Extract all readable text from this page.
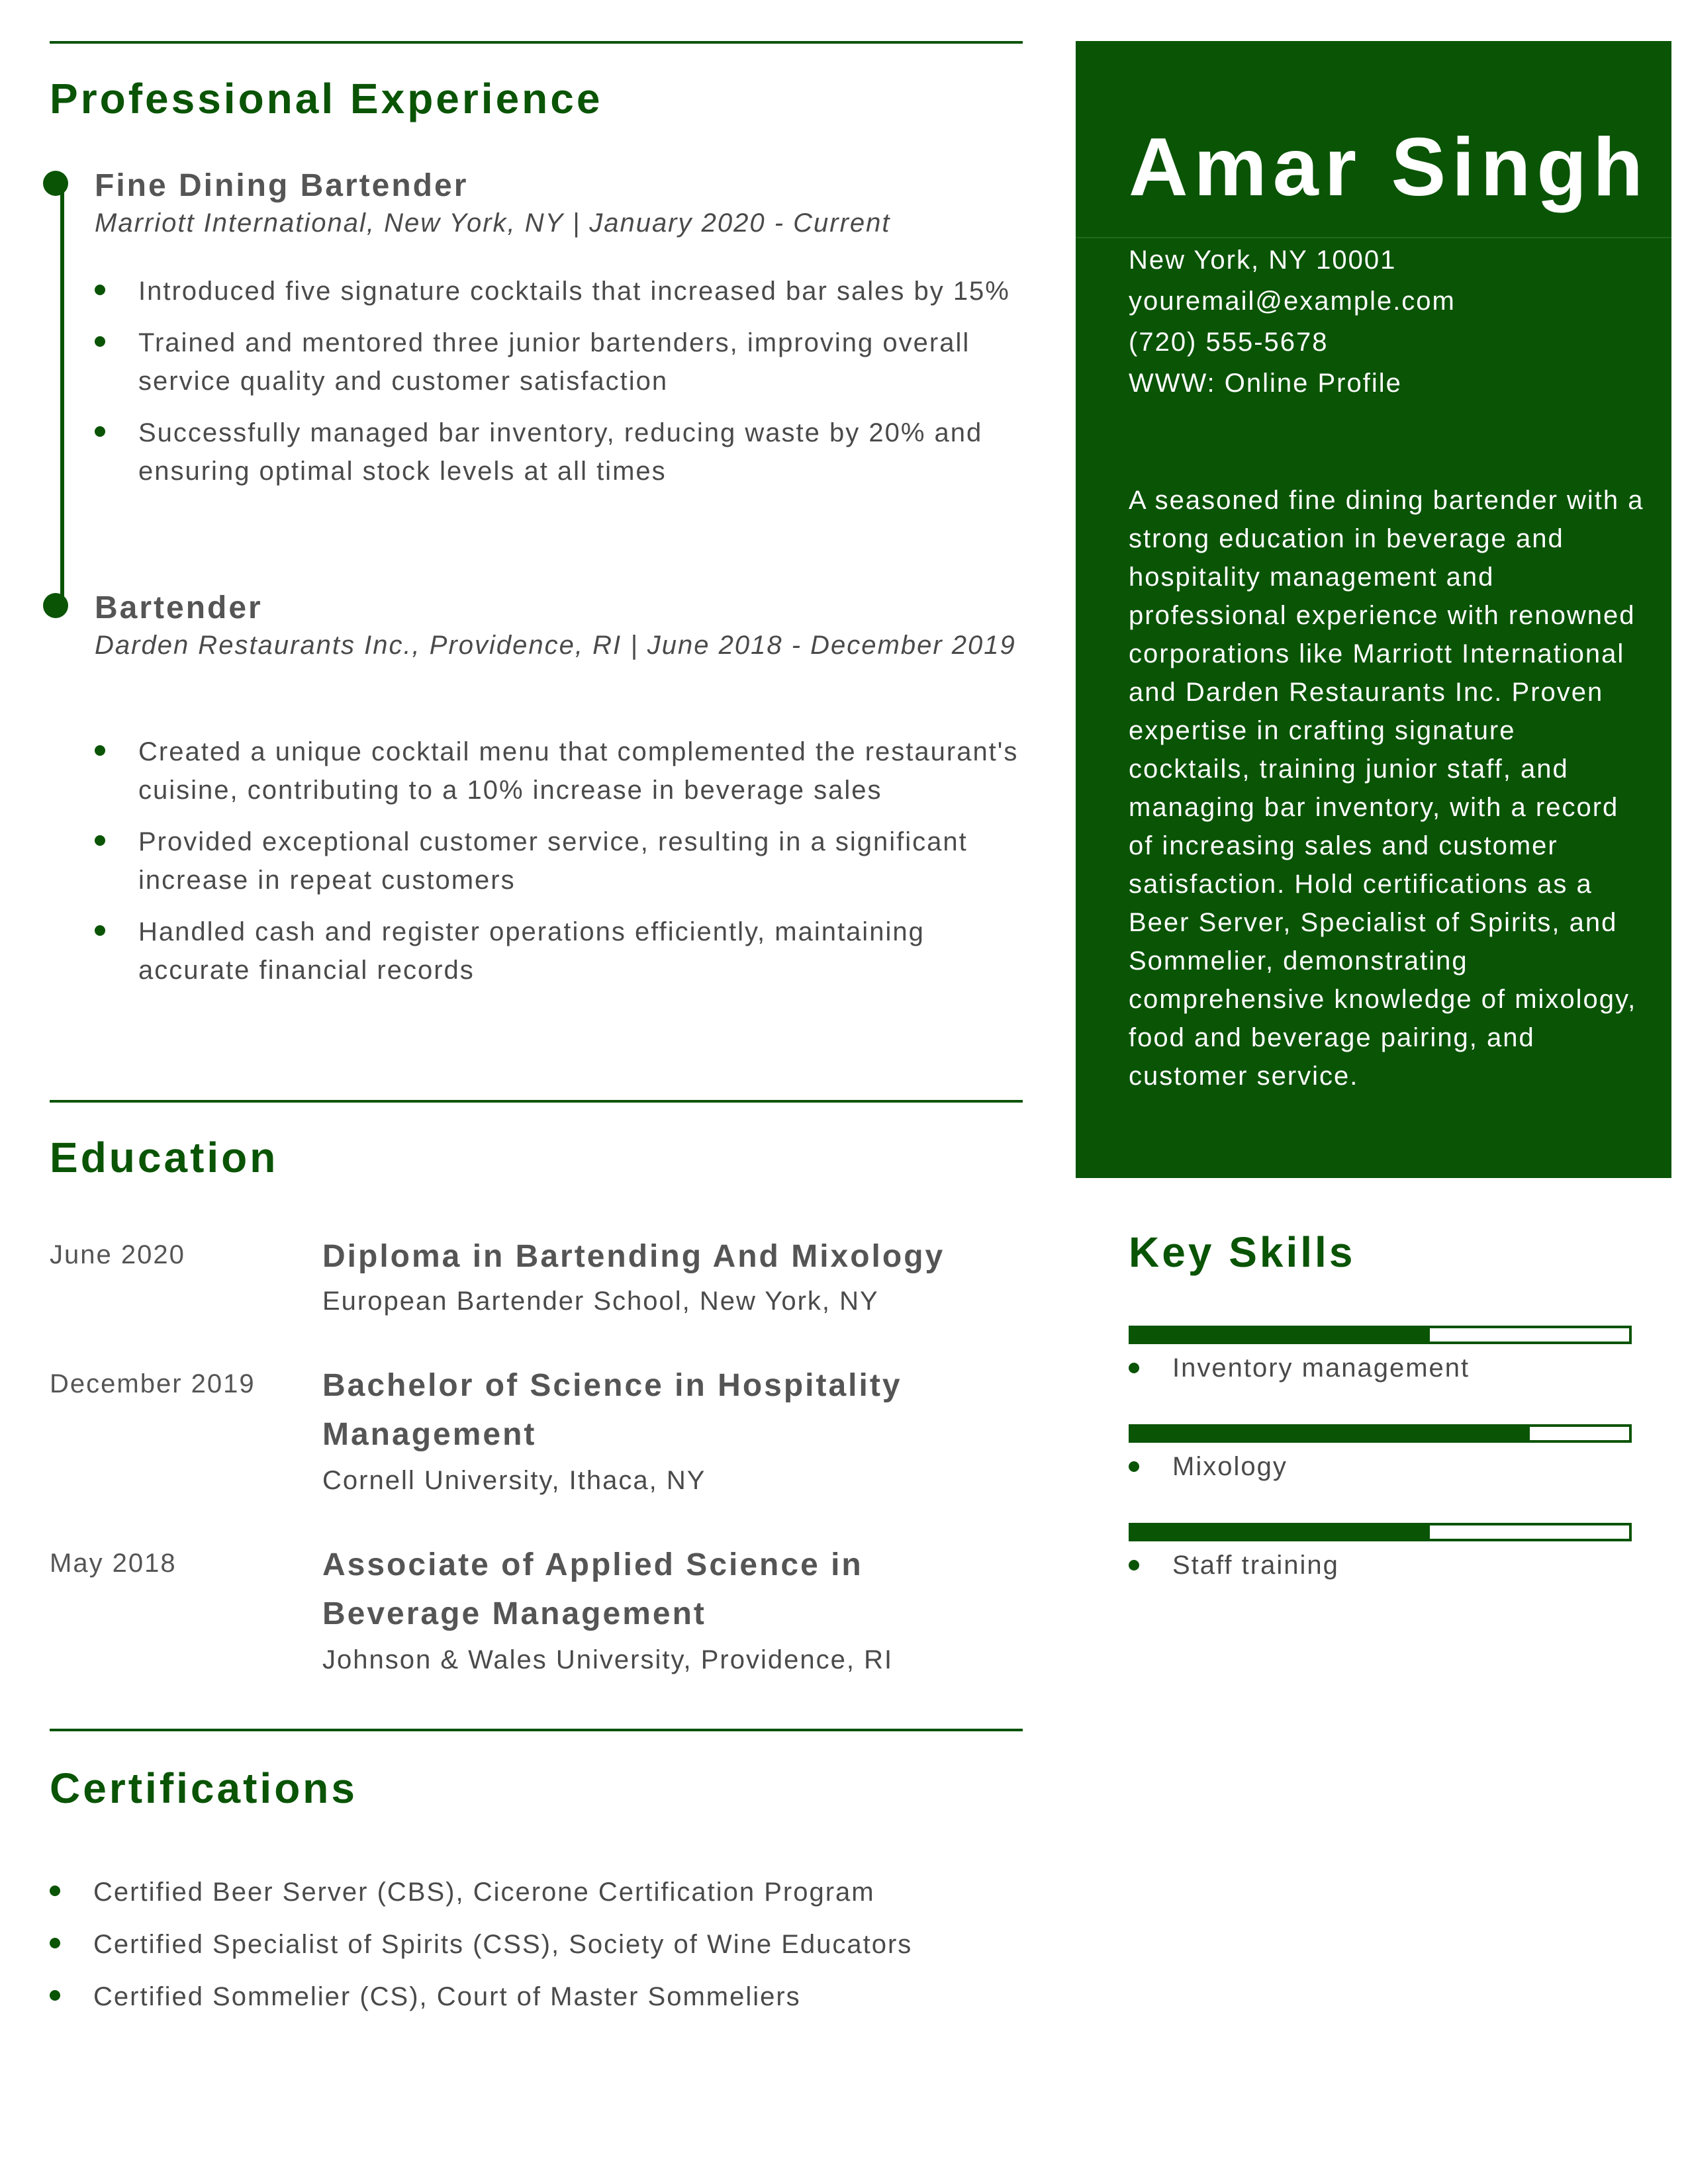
Professional Experience
Fine Dining Bartender
Marriott International, New York, NY | January 2020 - Current
Introduced five signature cocktails that increased bar sales by 15%
Trained and mentored three junior bartenders, improving overall service quality and customer satisfaction
Successfully managed bar inventory, reducing waste by 20% and ensuring optimal stock levels at all times
Bartender
Darden Restaurants Inc., Providence, RI | June 2018 - December 2019
Created a unique cocktail menu that complemented the restaurant's cuisine, contributing to a 10% increase in beverage sales
Provided exceptional customer service, resulting in a significant increase in repeat customers
Handled cash and register operations efficiently, maintaining accurate financial records
Education
June 2020	Diploma in Bartending And Mixology
European Bartender School, New York, NY
December 2019 Bachelor of Science in Hospitality Management
Cornell University, Ithaca, NY
May 2018	Associate of Applied Science in Beverage Management
Johnson & Wales University, Providence, RI
Certifications
Certified Beer Server (CBS), Cicerone Certification Program
Certified Specialist of Spirits (CSS), Society of Wine Educators
Certified Sommelier (CS), Court of Master Sommeliers
Amar Singh
New York, NY 10001
youremail@example.com
(720) 555-5678
WWW: Online Profile

A seasoned fine dining bartender with a strong education in beverage and hospitality management and professional experience with renowned corporations like Marriott International and Darden Restaurants Inc. Proven expertise in crafting signature cocktails, training junior staff, and managing bar inventory, with a record of increasing sales and customer satisfaction. Hold certifications as a Beer Server, Specialist of Spirits, and Sommelier, demonstrating comprehensive knowledge of mixology, food and beverage pairing, and customer service.

Key Skills
Inventory management
Mixology
Staff training
